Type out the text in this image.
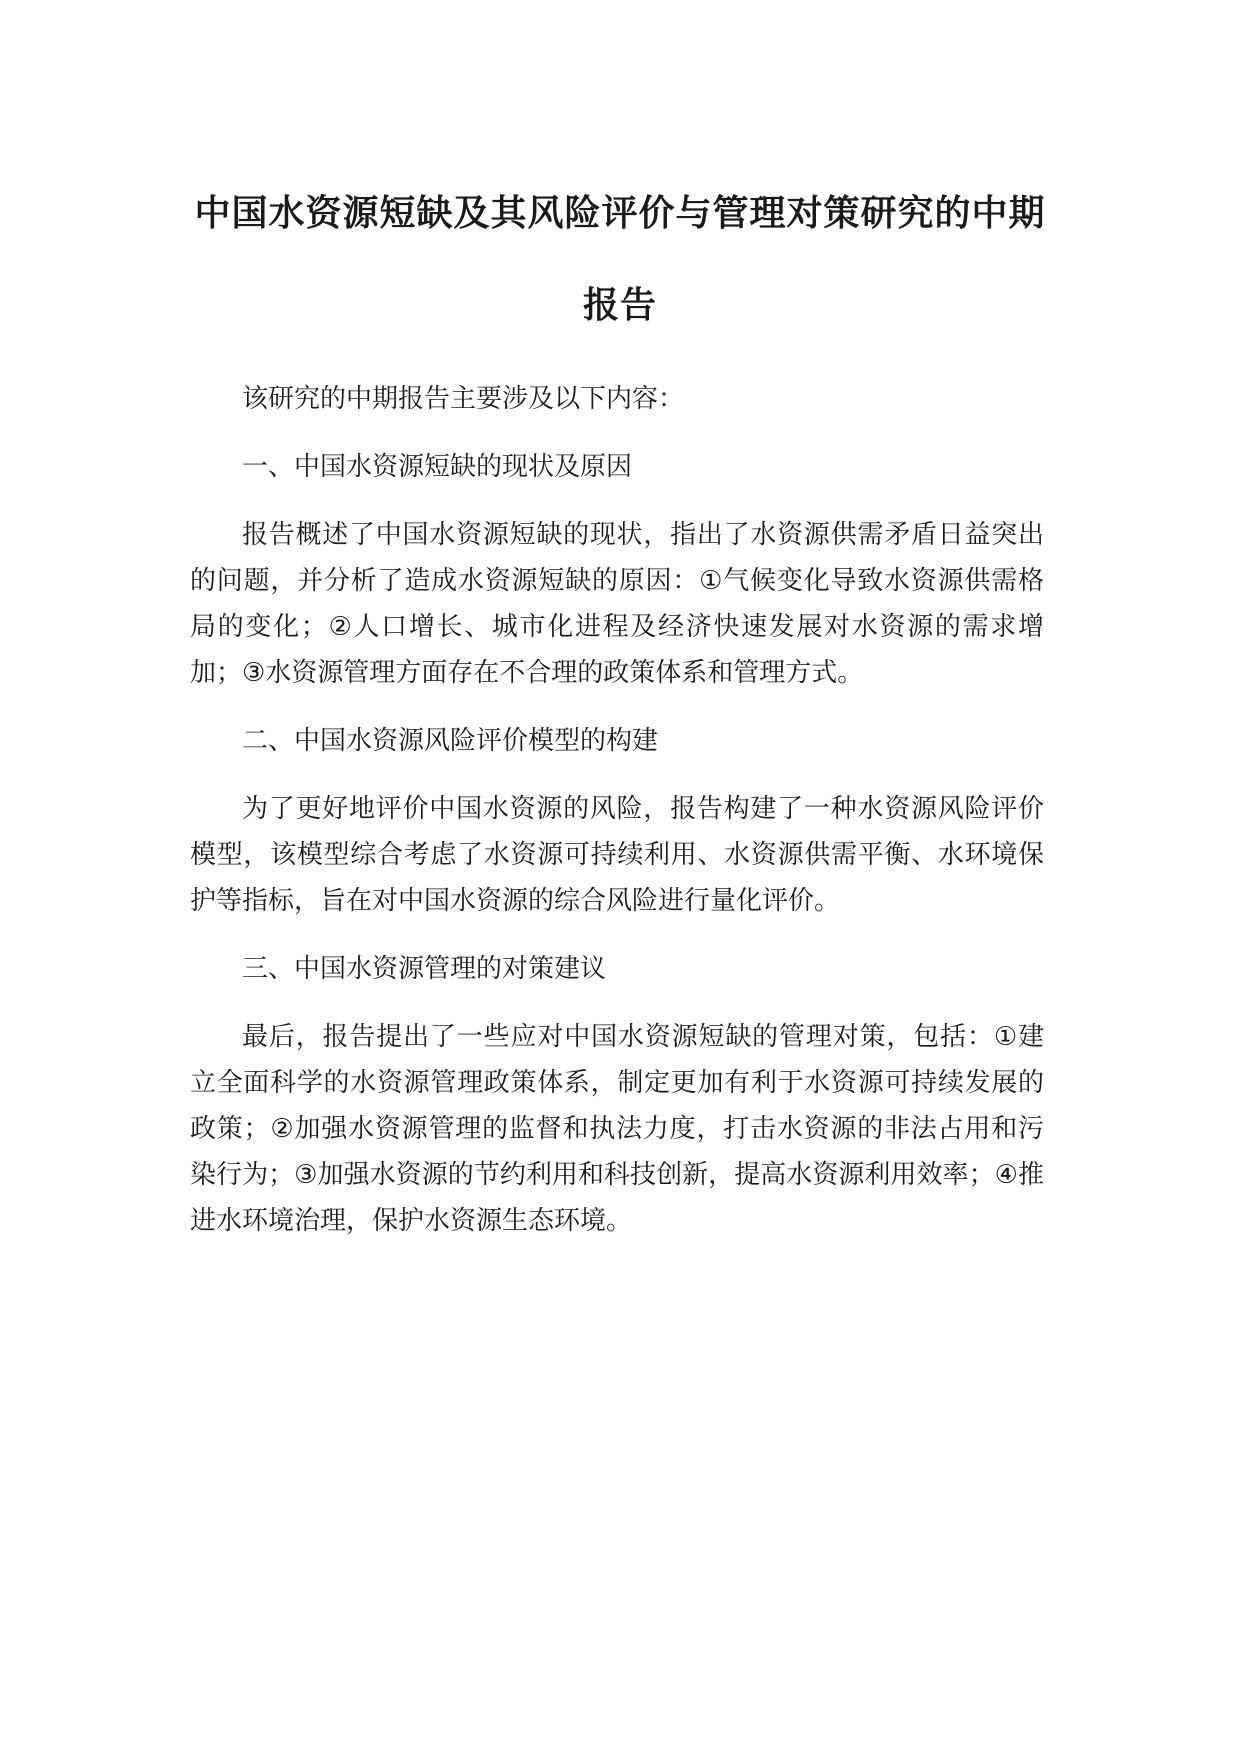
中国水资源短缺及其风险评价与管理对策研究的中期报告

该研究的中期报告主要涉及以下内容：

一、中国水资源短缺的现状及原因

报告概述了中国水资源短缺的现状，指出了水资源供需矛盾日益突出的问题，并分析了造成水资源短缺的原因：①气候变化导致水资源供需格局的变化；②人口增长、城市化进程及经济快速发展对水资源的需求增加；③水资源管理方面存在不合理的政策体系和管理方式。

二、中国水资源风险评价模型的构建

为了更好地评价中国水资源的风险，报告构建了一种水资源风险评价模型，该模型综合考虑了水资源可持续利用、水资源供需平衡、水环境保护等指标，旨在对中国水资源的综合风险进行量化评价。

三、中国水资源管理的对策建议

最后，报告提出了一些应对中国水资源短缺的管理对策，包括：①建立全面科学的水资源管理政策体系，制定更加有利于水资源可持续发展的政策；②加强水资源管理的监督和执法力度，打击水资源的非法占用和污染行为；③加强水资源的节约利用和科技创新，提高水资源利用效率；④推进水环境治理，保护水资源生态环境。
